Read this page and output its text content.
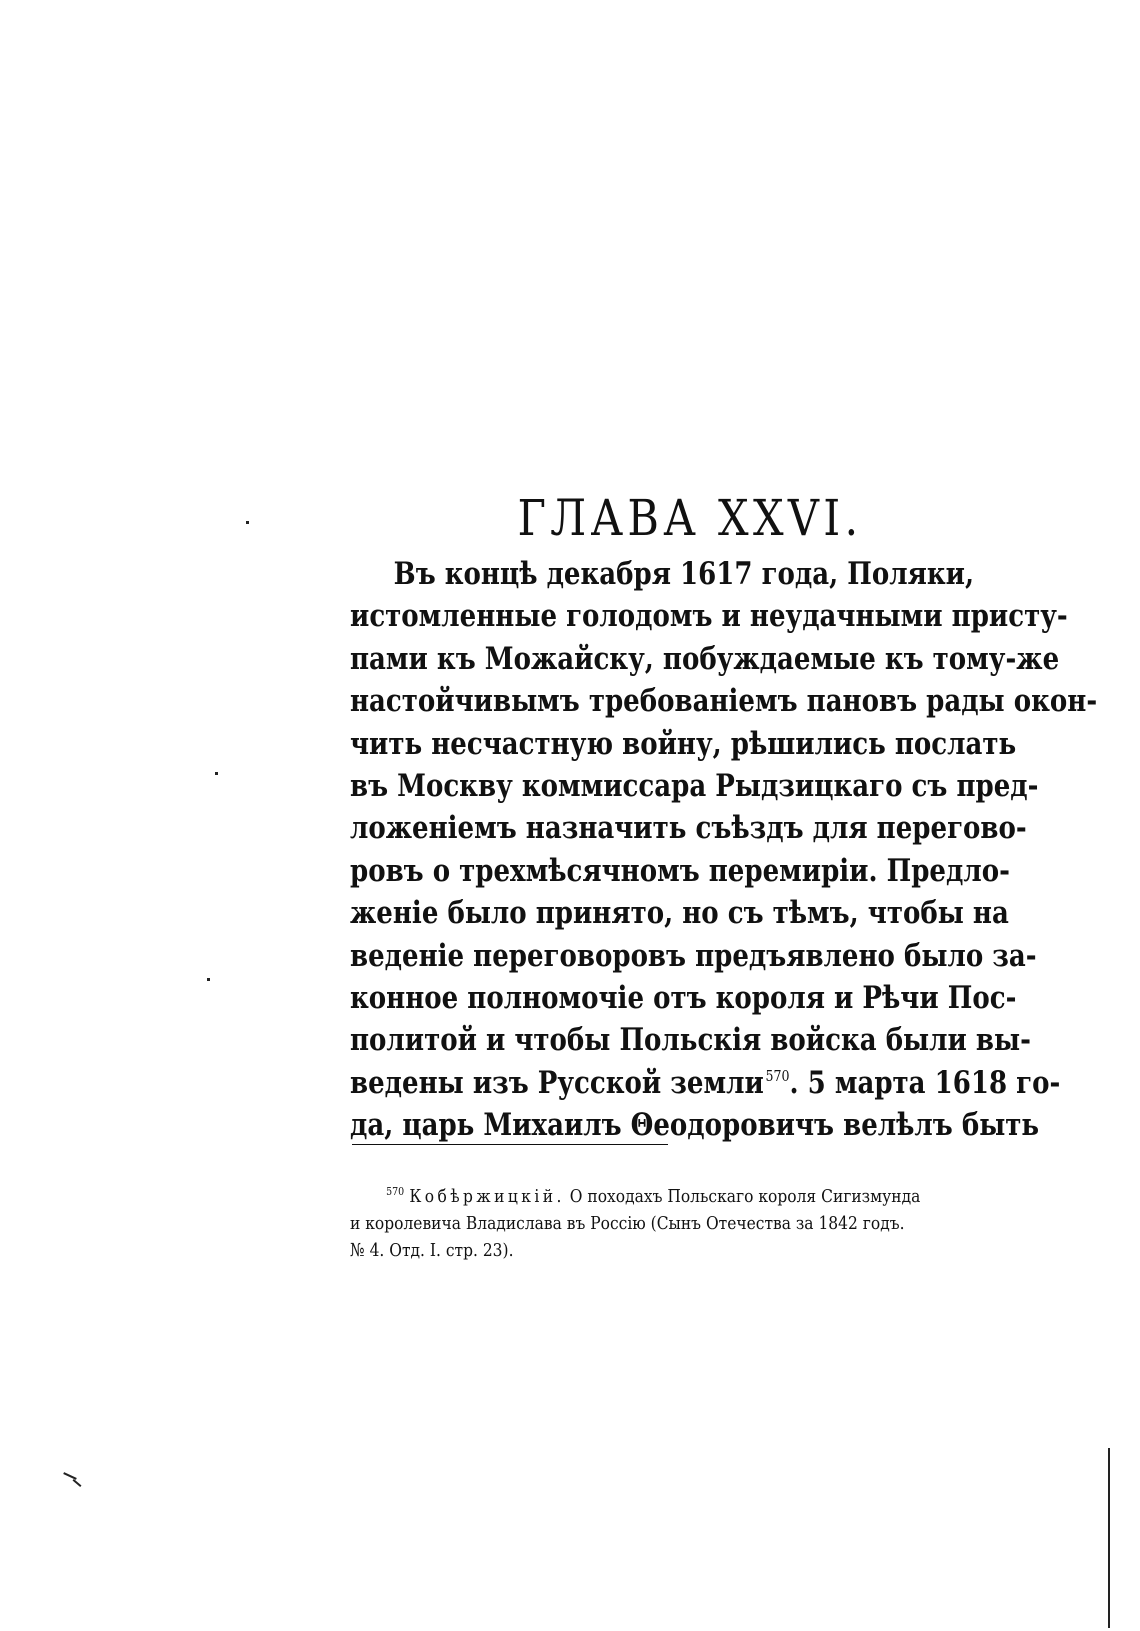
ГЛАВА XXVI.
Въ концѣ декабря 1617 года, Поляки,
истомленные голодомъ и неудачными присту-
пами къ Можайску, побуждаемые къ тому-же
настойчивымъ требованіемъ пановъ рады окон-
чить несчастную войну, рѣшились послать
въ Москву коммиссара Рыдзицкаго съ пред-
ложеніемъ назначить съѣздъ для перегово-
ровъ о трехмѣсячномъ перемиріи. Предло-
женіе было принято, но съ тѣмъ, чтобы на
веденіе переговоровъ предъявлено было за-
конное полномочіе отъ короля и Рѣчи Пос-
политой и чтобы Польскія войска были вы-
ведены изъ Русской земли $^{570}$. 5 марта 1618 го-
да, царь Михаилъ Θеодоровичъ велѣлъ быть
$^{570}$ Кобѣржицкій. О походахъ Польскаго короля Сигизмунда
и королевича Владислава въ Россію (Сынъ Отечества за 1842 годъ.
№ 4. Отд. I. стр. 23).
